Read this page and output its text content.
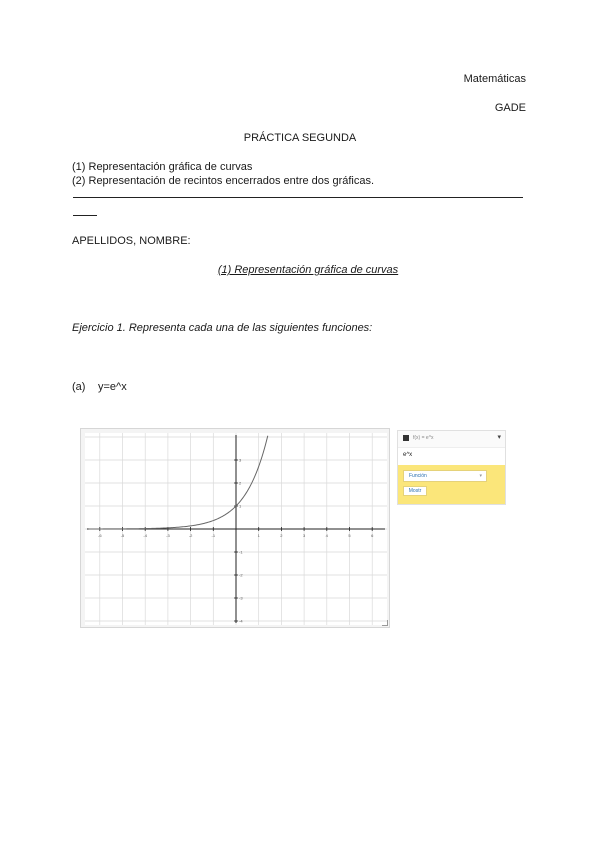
Matemáticas
GADE
PRÁCTICA SEGUNDA
(1) Representación gráfica de curvas
(2) Representación de recintos encerrados entre dos gráficas.
APELLIDOS, NOMBRE:
(1) Representación gráfica de curvas
Ejercicio 1. Representa cada una de las siguientes funciones:
(a) y=e^x
-6	-5	-4	-3	-2	-1	1	2	3	4	5	6
-4
-3
-2
-1
1
2
3
f(x) = e^x	▾
e^x
Función	▾
Mostr
